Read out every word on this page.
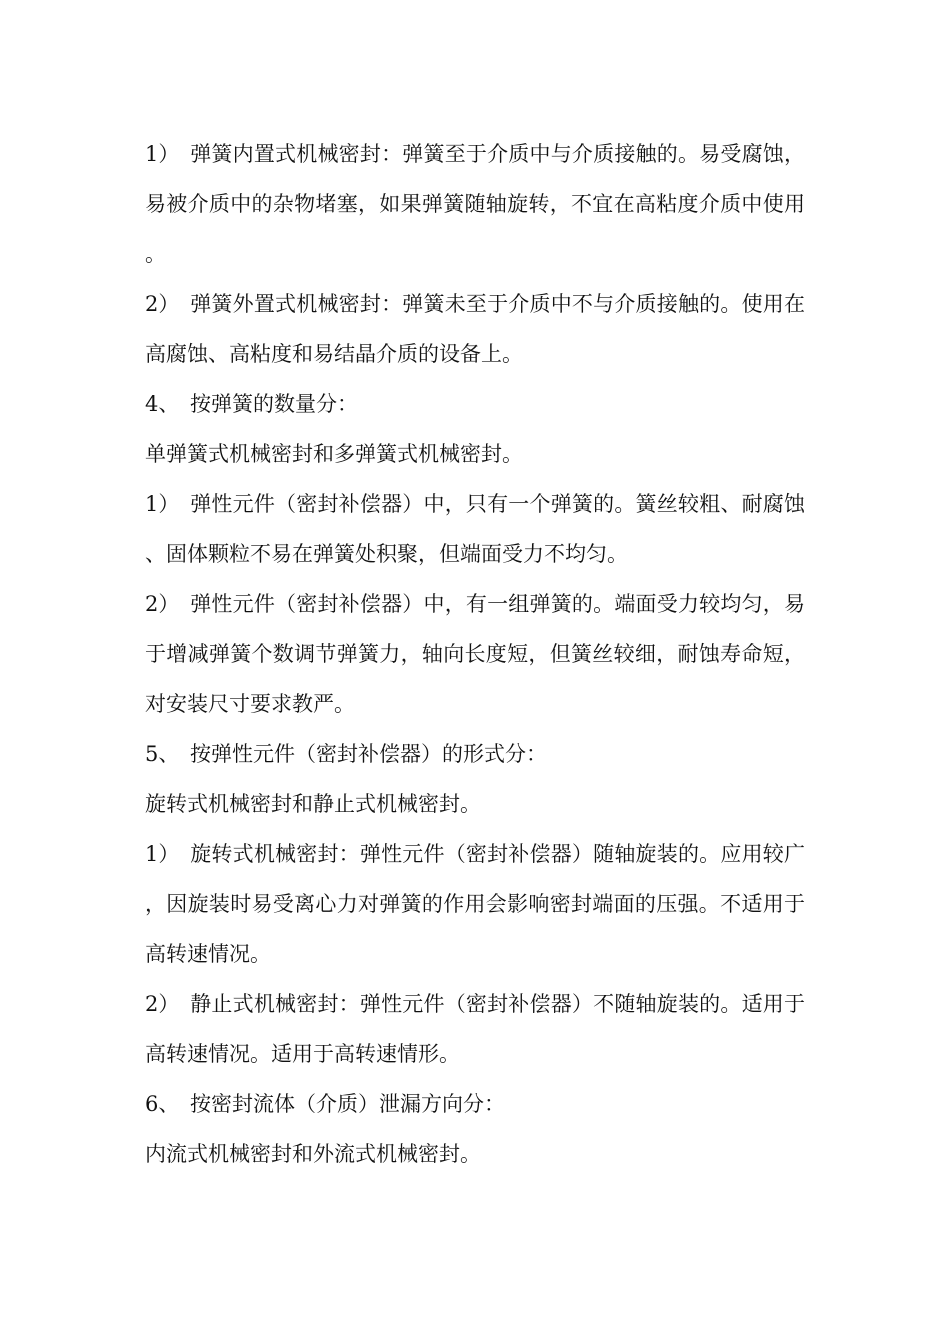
1） 弹簧内置式机械密封：弹簧至于介质中与介质接触的。易受腐蚀，易被介质中的杂物堵塞，如果弹簧随轴旋转，不宜在高粘度介质中使用。

2） 弹簧外置式机械密封：弹簧未至于介质中不与介质接触的。使用在高腐蚀、高粘度和易结晶介质的设备上。

4、 按弹簧的数量分：

单弹簧式机械密封和多弹簧式机械密封。

1） 弹性元件（密封补偿器）中，只有一个弹簧的。簧丝较粗、耐腐蚀、固体颗粒不易在弹簧处积聚，但端面受力不均匀。

2） 弹性元件（密封补偿器）中，有一组弹簧的。端面受力较均匀，易于增减弹簧个数调节弹簧力，轴向长度短，但簧丝较细，耐蚀寿命短，对安装尺寸要求教严。

5、 按弹性元件（密封补偿器）的形式分：

旋转式机械密封和静止式机械密封。

1） 旋转式机械密封：弹性元件（密封补偿器）随轴旋装的。应用较广，因旋装时易受离心力对弹簧的作用会影响密封端面的压强。不适用于高转速情况。

2） 静止式机械密封：弹性元件（密封补偿器）不随轴旋装的。适用于高转速情况。适用于高转速情形。

6、 按密封流体（介质）泄漏方向分：

内流式机械密封和外流式机械密封。
